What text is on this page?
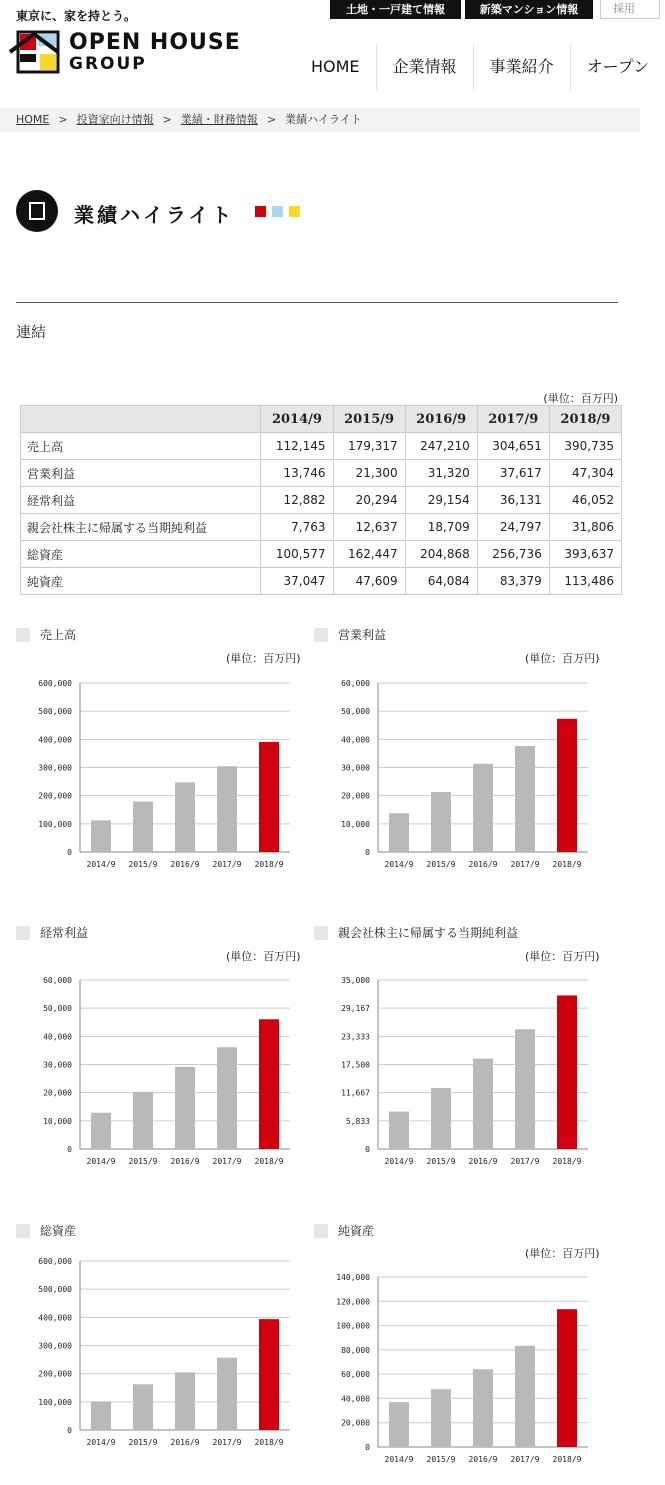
東京に、家を持とう。	土地・一戸建て情報	新築マンション情報	採用
OPEN HOUSE
GROUP	HOME	企業情報	事業紹介	オープン
HOME > 投資家向け情報 > 業績・財務情報 > 業績ハイライト
業績ハイライト
連結
(単位：百万円)
	2014/9	2015/9	2016/9	2017/9	2018/9
売上高	112,145	179,317	247,210	304,651	390,735
営業利益	13,746	21,300	31,320	37,617	47,304
経常利益	12,882	20,294	29,154	36,131	46,052
親会社株主に帰属する当期純利益	7,763	12,637	18,709	24,797	31,806
総資産	100,577	162,447	204,868	256,736	393,637
純資産	37,047	47,609	64,084	83,379	113,486
売上高
(単位：百万円)
0
100,000
200,000
300,000
400,000
500,000
600,000
2014/9 2015/9 2016/9 2017/9 2018/9
営業利益
(単位：百万円)
0
10,000
20,000
30,000
40,000
50,000
60,000
2014/9 2015/9 2016/9 2017/9 2018/9
経常利益
(単位：百万円)
0
10,000
20,000
30,000
40,000
50,000
60,000
2014/9 2015/9 2016/9 2017/9 2018/9
親会社株主に帰属する当期純利益
(単位：百万円)
0
5,833
11,667
17,500
23,333
29,167
35,000
2014/9 2015/9 2016/9 2017/9 2018/9
総資産
0
100,000
200,000
300,000
400,000
500,000
600,000
2014/9 2015/9 2016/9 2017/9 2018/9
純資産
(単位：百万円)
0
20,000
40,000
60,000
80,000
100,000
120,000
140,000
2014/9 2015/9 2016/9 2017/9 2018/9
